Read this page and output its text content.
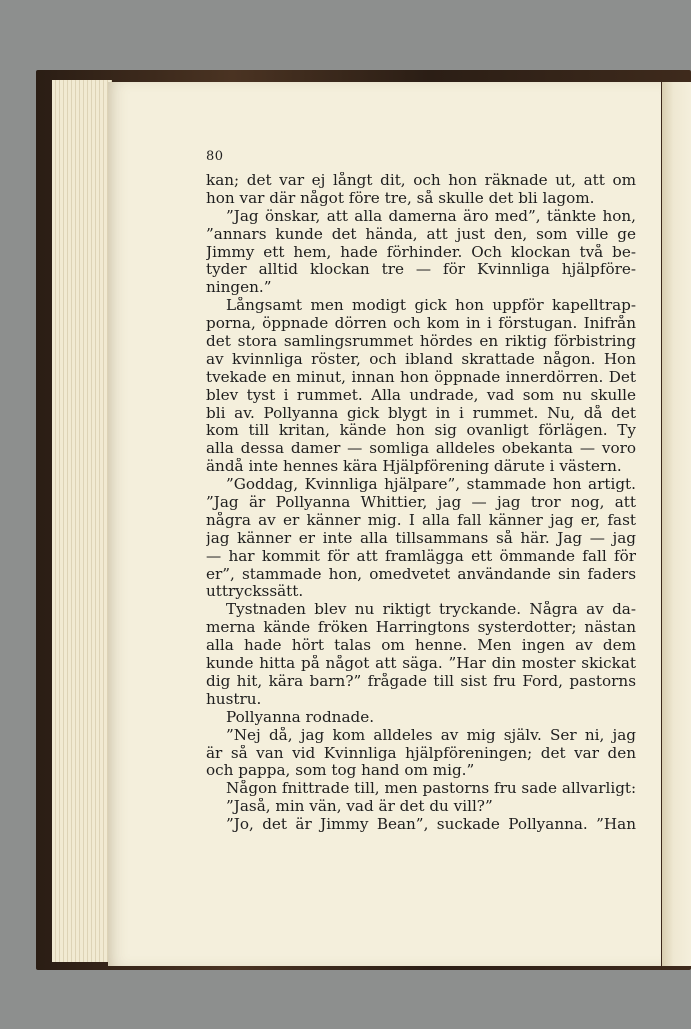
80
kan; det var ej långt dit, och hon räknade ut, att om
hon var där något före tre, så skulle det bli lagom.
”Jag önskar, att alla damerna äro med”, tänkte hon,
”annars kunde det hända, att just den, som ville ge
Jimmy ett hem, hade förhinder. Och klockan två be-
tyder alltid klockan tre — för Kvinnliga hjälpföre-
ningen.”
Långsamt men modigt gick hon uppför kapelltrap-
porna, öppnade dörren och kom in i förstugan. Inifrån
det stora samlingsrummet hördes en riktig förbistring
av kvinnliga röster, och ibland skrattade någon. Hon
tvekade en minut, innan hon öppnade innerdörren. Det
blev tyst i rummet. Alla undrade, vad som nu skulle
bli av. Pollyanna gick blygt in i rummet. Nu, då det
kom till kritan, kände hon sig ovanligt förlägen. Ty
alla dessa damer — somliga alldeles obekanta — voro
ändå inte hennes kära Hjälpförening därute i västern.
”Goddag, Kvinnliga hjälpare”, stammade hon artigt.
”Jag är Pollyanna Whittier, jag — jag tror nog, att
några av er känner mig. I alla fall känner jag er, fast
jag känner er inte alla tillsammans så här. Jag — jag
— har kommit för att framlägga ett ömmande fall för
er”, stammade hon, omedvetet användande sin faders
uttryckssätt.
Tystnaden blev nu riktigt tryckande. Några av da-
merna kände fröken Harringtons systerdotter; nästan
alla hade hört talas om henne. Men ingen av dem
kunde hitta på något att säga. ”Har din moster skickat
dig hit, kära barn?” frågade till sist fru Ford, pastorns
hustru.
Pollyanna rodnade.
”Nej då, jag kom alldeles av mig själv. Ser ni, jag
är så van vid Kvinnliga hjälpföreningen; det var den
och pappa, som tog hand om mig.”
Någon fnittrade till, men pastorns fru sade allvarligt:
”Jaså, min vän, vad är det du vill?”
”Jo, det är Jimmy Bean”, suckade Pollyanna. ”Han
